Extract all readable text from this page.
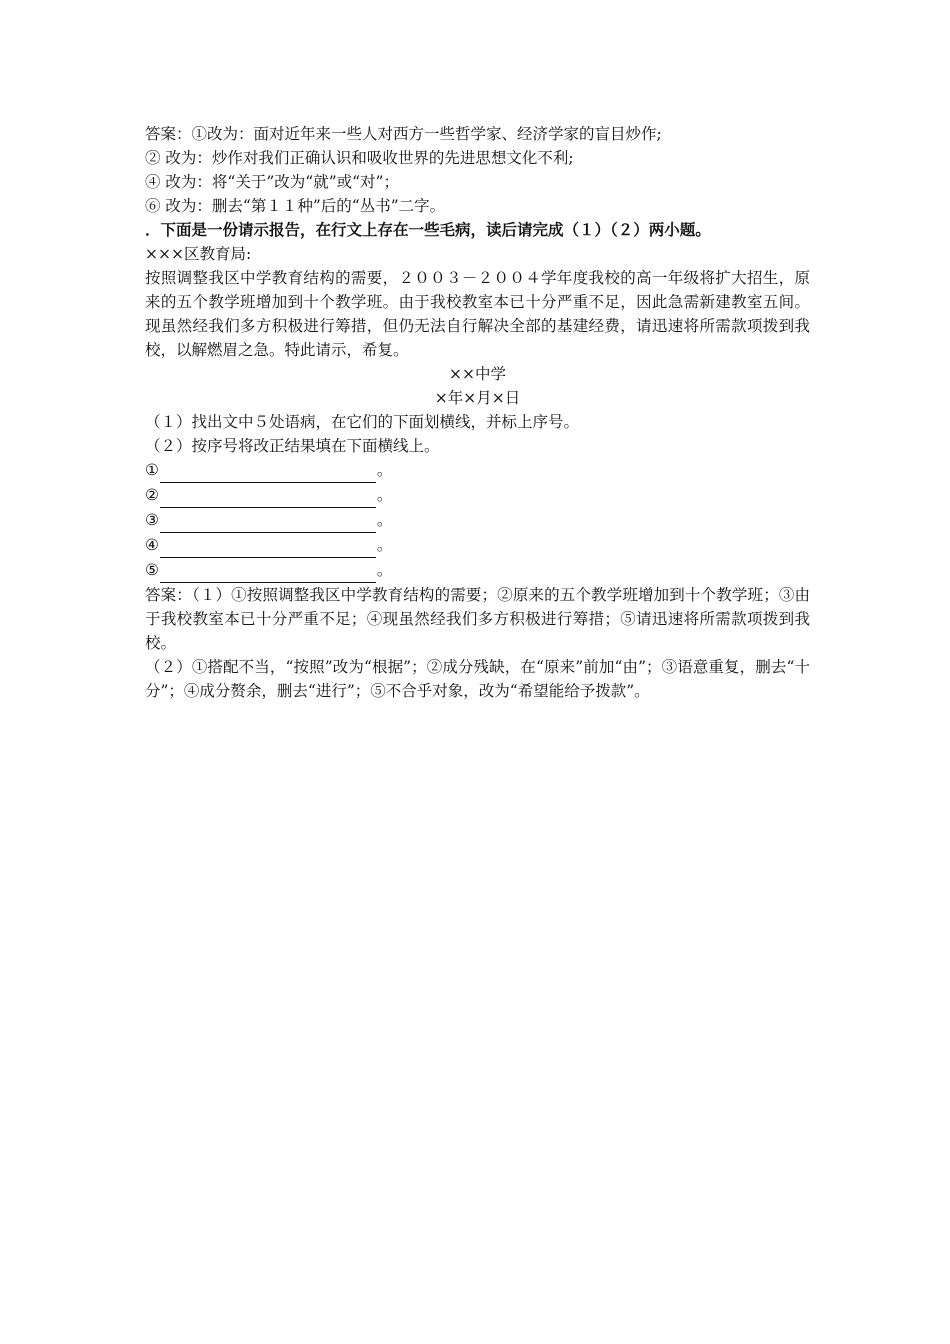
答案：①改为：面对近年来一些人对西方一些哲学家、经济学家的盲目炒作;
② 改为：炒作对我们正确认识和吸收世界的先进思想文化不利;
④ 改为：将“关于”改为“就”或“对”；
⑥ 改为：删去“第１１种”后的“丛书”二字。
．下面是一份请示报告，在行文上存在一些毛病，读后请完成（１）（２）两小题。
×××区教育局:
按照调整我区中学教育结构的需要，２００３－２００４学年度我校的高一年级将扩大招生，原来的五个教学班增加到十个教学班。由于我校教室本已十分严重不足，因此急需新建教室五间。现虽然经我们多方积极进行筹措，但仍无法自行解决全部的基建经费，请迅速将所需款项拨到我校，以解燃眉之急。特此请示，希复。
××中学
×年×月×日
（１）找出文中５处语病，在它们的下面划横线，并标上序号。
（２）按序号将改正结果填在下面横线上。
①	。
②	。
③	。
④	。
⑤	。
答案：（１）①按照调整我区中学教育结构的需要；②原来的五个教学班增加到十个教学班；③由于我校教室本已十分严重不足；④现虽然经我们多方积极进行筹措；⑤请迅速将所需款项拨到我校。
（２）①搭配不当，“按照”改为“根据”；②成分残缺，在“原来”前加“由”；③语意重复，删去“十分”；④成分赘余，删去“进行”；⑤不合乎对象，改为“希望能给予拨款”。
